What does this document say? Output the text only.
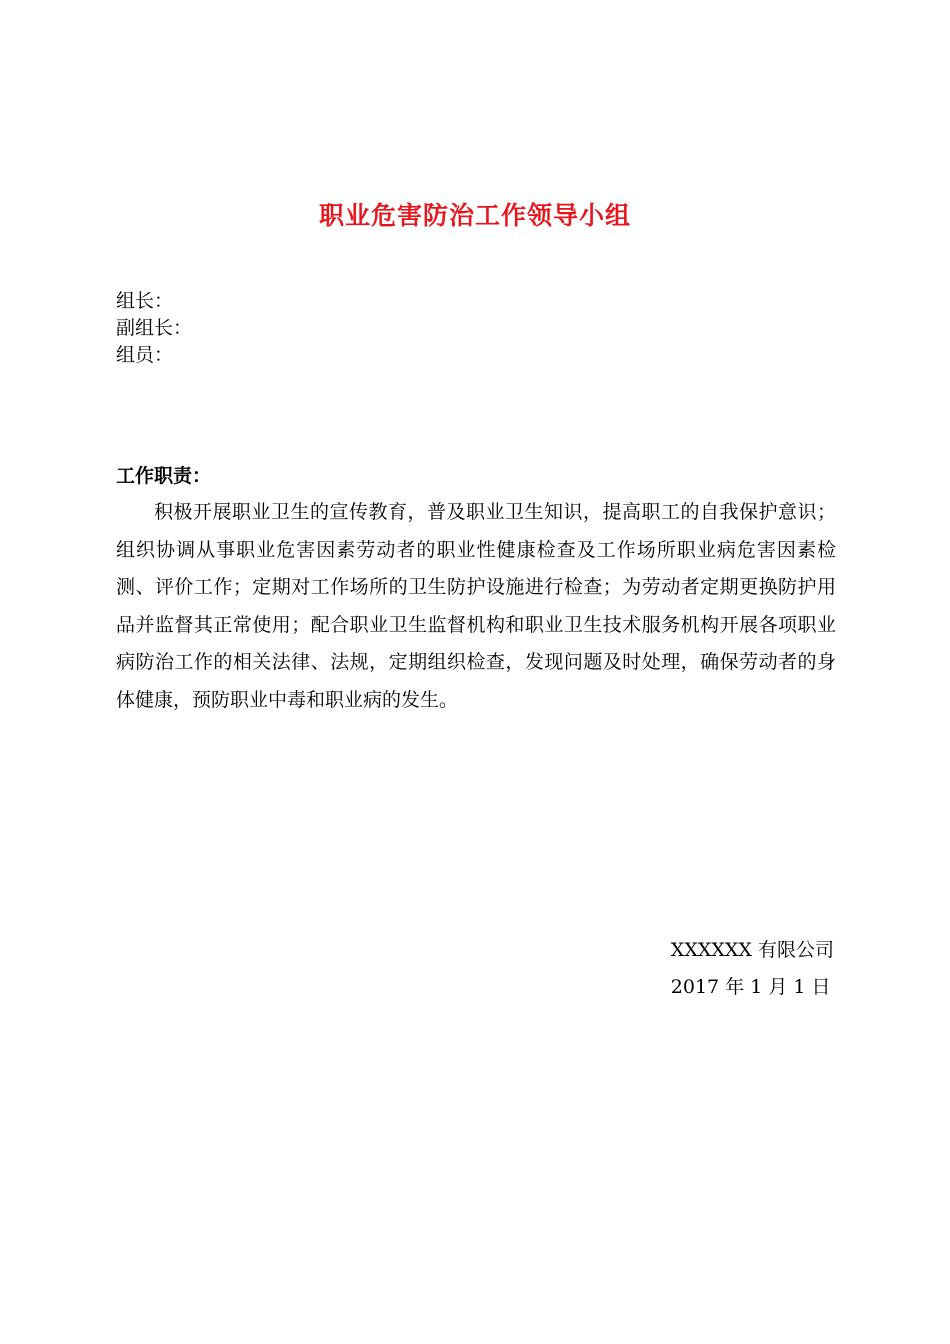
职业危害防治工作领导小组
组长：
副组长：
组员：
工作职责：

积极开展职业卫生的宣传教育，普及职业卫生知识，提高职工的自我保护意识；组织协调从事职业危害因素劳动者的职业性健康检查及工作场所职业病危害因素检测、评价工作；定期对工作场所的卫生防护设施进行检查；为劳动者定期更换防护用品并监督其正常使用；配合职业卫生监督机构和职业卫生技术服务机构开展各项职业病防治工作的相关法律、法规，定期组织检查，发现问题及时处理，确保劳动者的身体健康，预防职业中毒和职业病的发生。

XXXXXX 有限公司
2017 年 1 月 1 日
